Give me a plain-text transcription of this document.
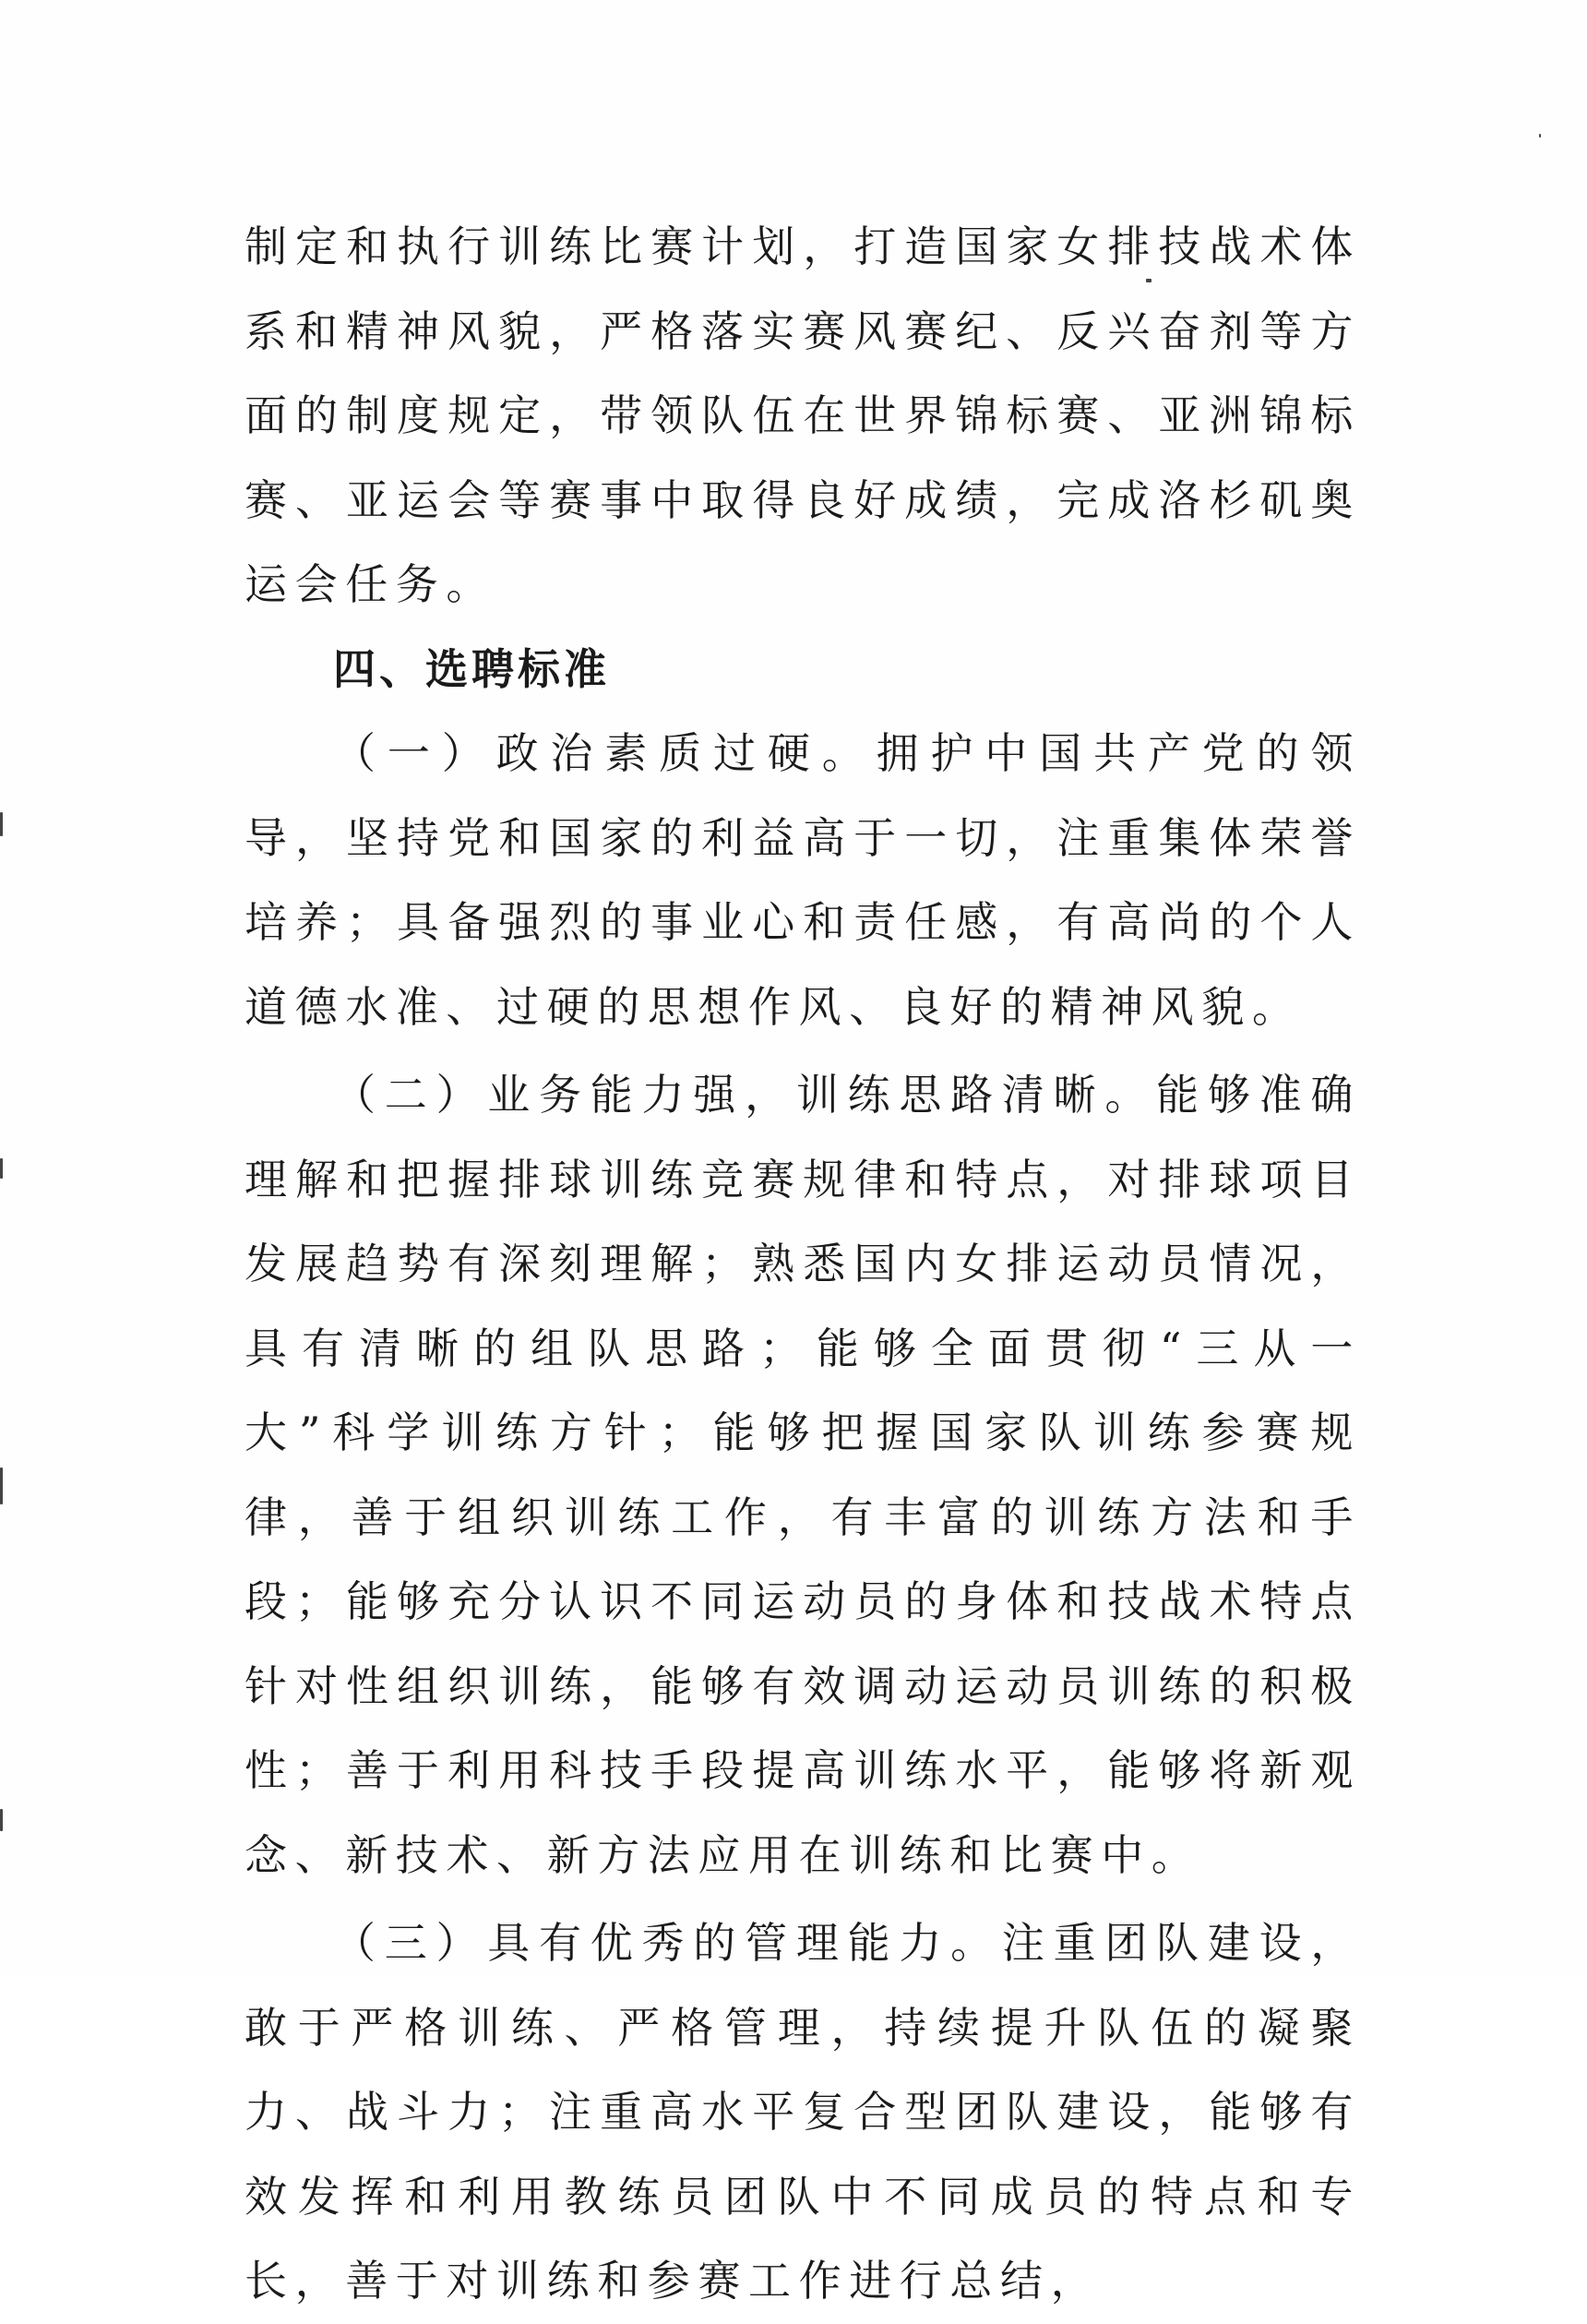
制定和执行训练比赛计划，打造国家女排技战术体系和精神风貌，严格落实赛风赛纪、反兴奋剂等方面的制度规定，带领队伍在世界锦标赛、亚洲锦标赛、亚运会等赛事中取得良好成绩，完成洛杉矶奥运会任务。

四、选聘标准

（一）政治素质过硬。拥护中国共产党的领导，坚持党和国家的利益高于一切，注重集体荣誉培养；具备强烈的事业心和责任感，有高尚的个人道德水准、过硬的思想作风、良好的精神风貌。

（二）业务能力强，训练思路清晰。能够准确理解和把握排球训练竞赛规律和特点，对排球项目发展趋势有深刻理解；熟悉国内女排运动员情况，具有清晰的组队思路；能够全面贯彻“三从一大”科学训练方针；能够把握国家队训练参赛规律，善于组织训练工作，有丰富的训练方法和手段；能够充分认识不同运动员的身体和技战术特点针对性组织训练，能够有效调动运动员训练的积极性；善于利用科技手段提高训练水平，能够将新观念、新技术、新方法应用在训练和比赛中。

（三）具有优秀的管理能力。注重团队建设，敢于严格训练、严格管理，持续提升队伍的凝聚力、战斗力；注重高水平复合型团队建设，能够有效发挥和利用教练员团队中不同成员的特点和专长，善于对训练和参赛工作进行总结，
